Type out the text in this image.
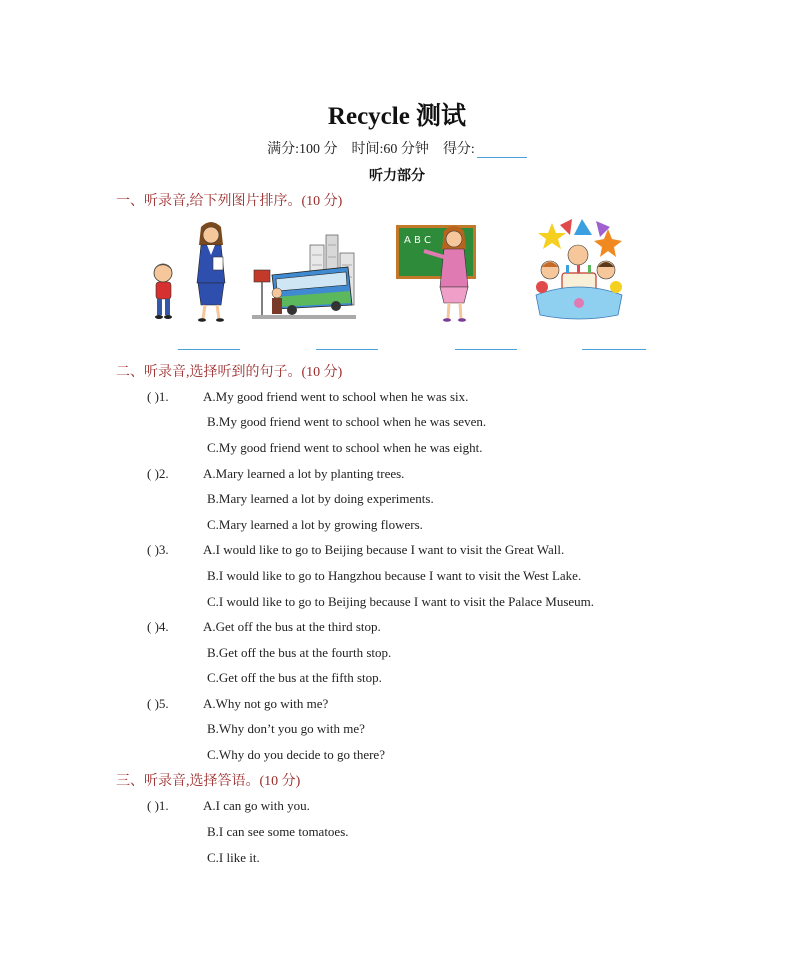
Recycle 测试
满分:100 分 时间:60 分钟 得分:
听力部分
一、听录音,给下列图片排序。(10 分)
A B C
二、听录音,选择听到的句子。(10 分)
( )1.	A.My good friend went to school when he was six.
B.My good friend went to school when he was seven.
C.My good friend went to school when he was eight.
( )2.	A.Mary learned a lot by planting trees.
B.Mary learned a lot by doing experiments.
C.Mary learned a lot by growing flowers.
( )3.	A.I would like to go to Beijing because I want to visit the Great Wall.
B.I would like to go to Hangzhou because I want to visit the West Lake.
C.I would like to go to Beijing because I want to visit the Palace Museum.
( )4.	A.Get off the bus at the third stop.
B.Get off the bus at the fourth stop.
C.Get off the bus at the fifth stop.
( )5.	A.Why not go with me?
B.Why don’t you go with me?
C.Why do you decide to go there?
三、听录音,选择答语。(10 分)
( )1.	A.I can go with you.
B.I can see some tomatoes.
C.I like it.
